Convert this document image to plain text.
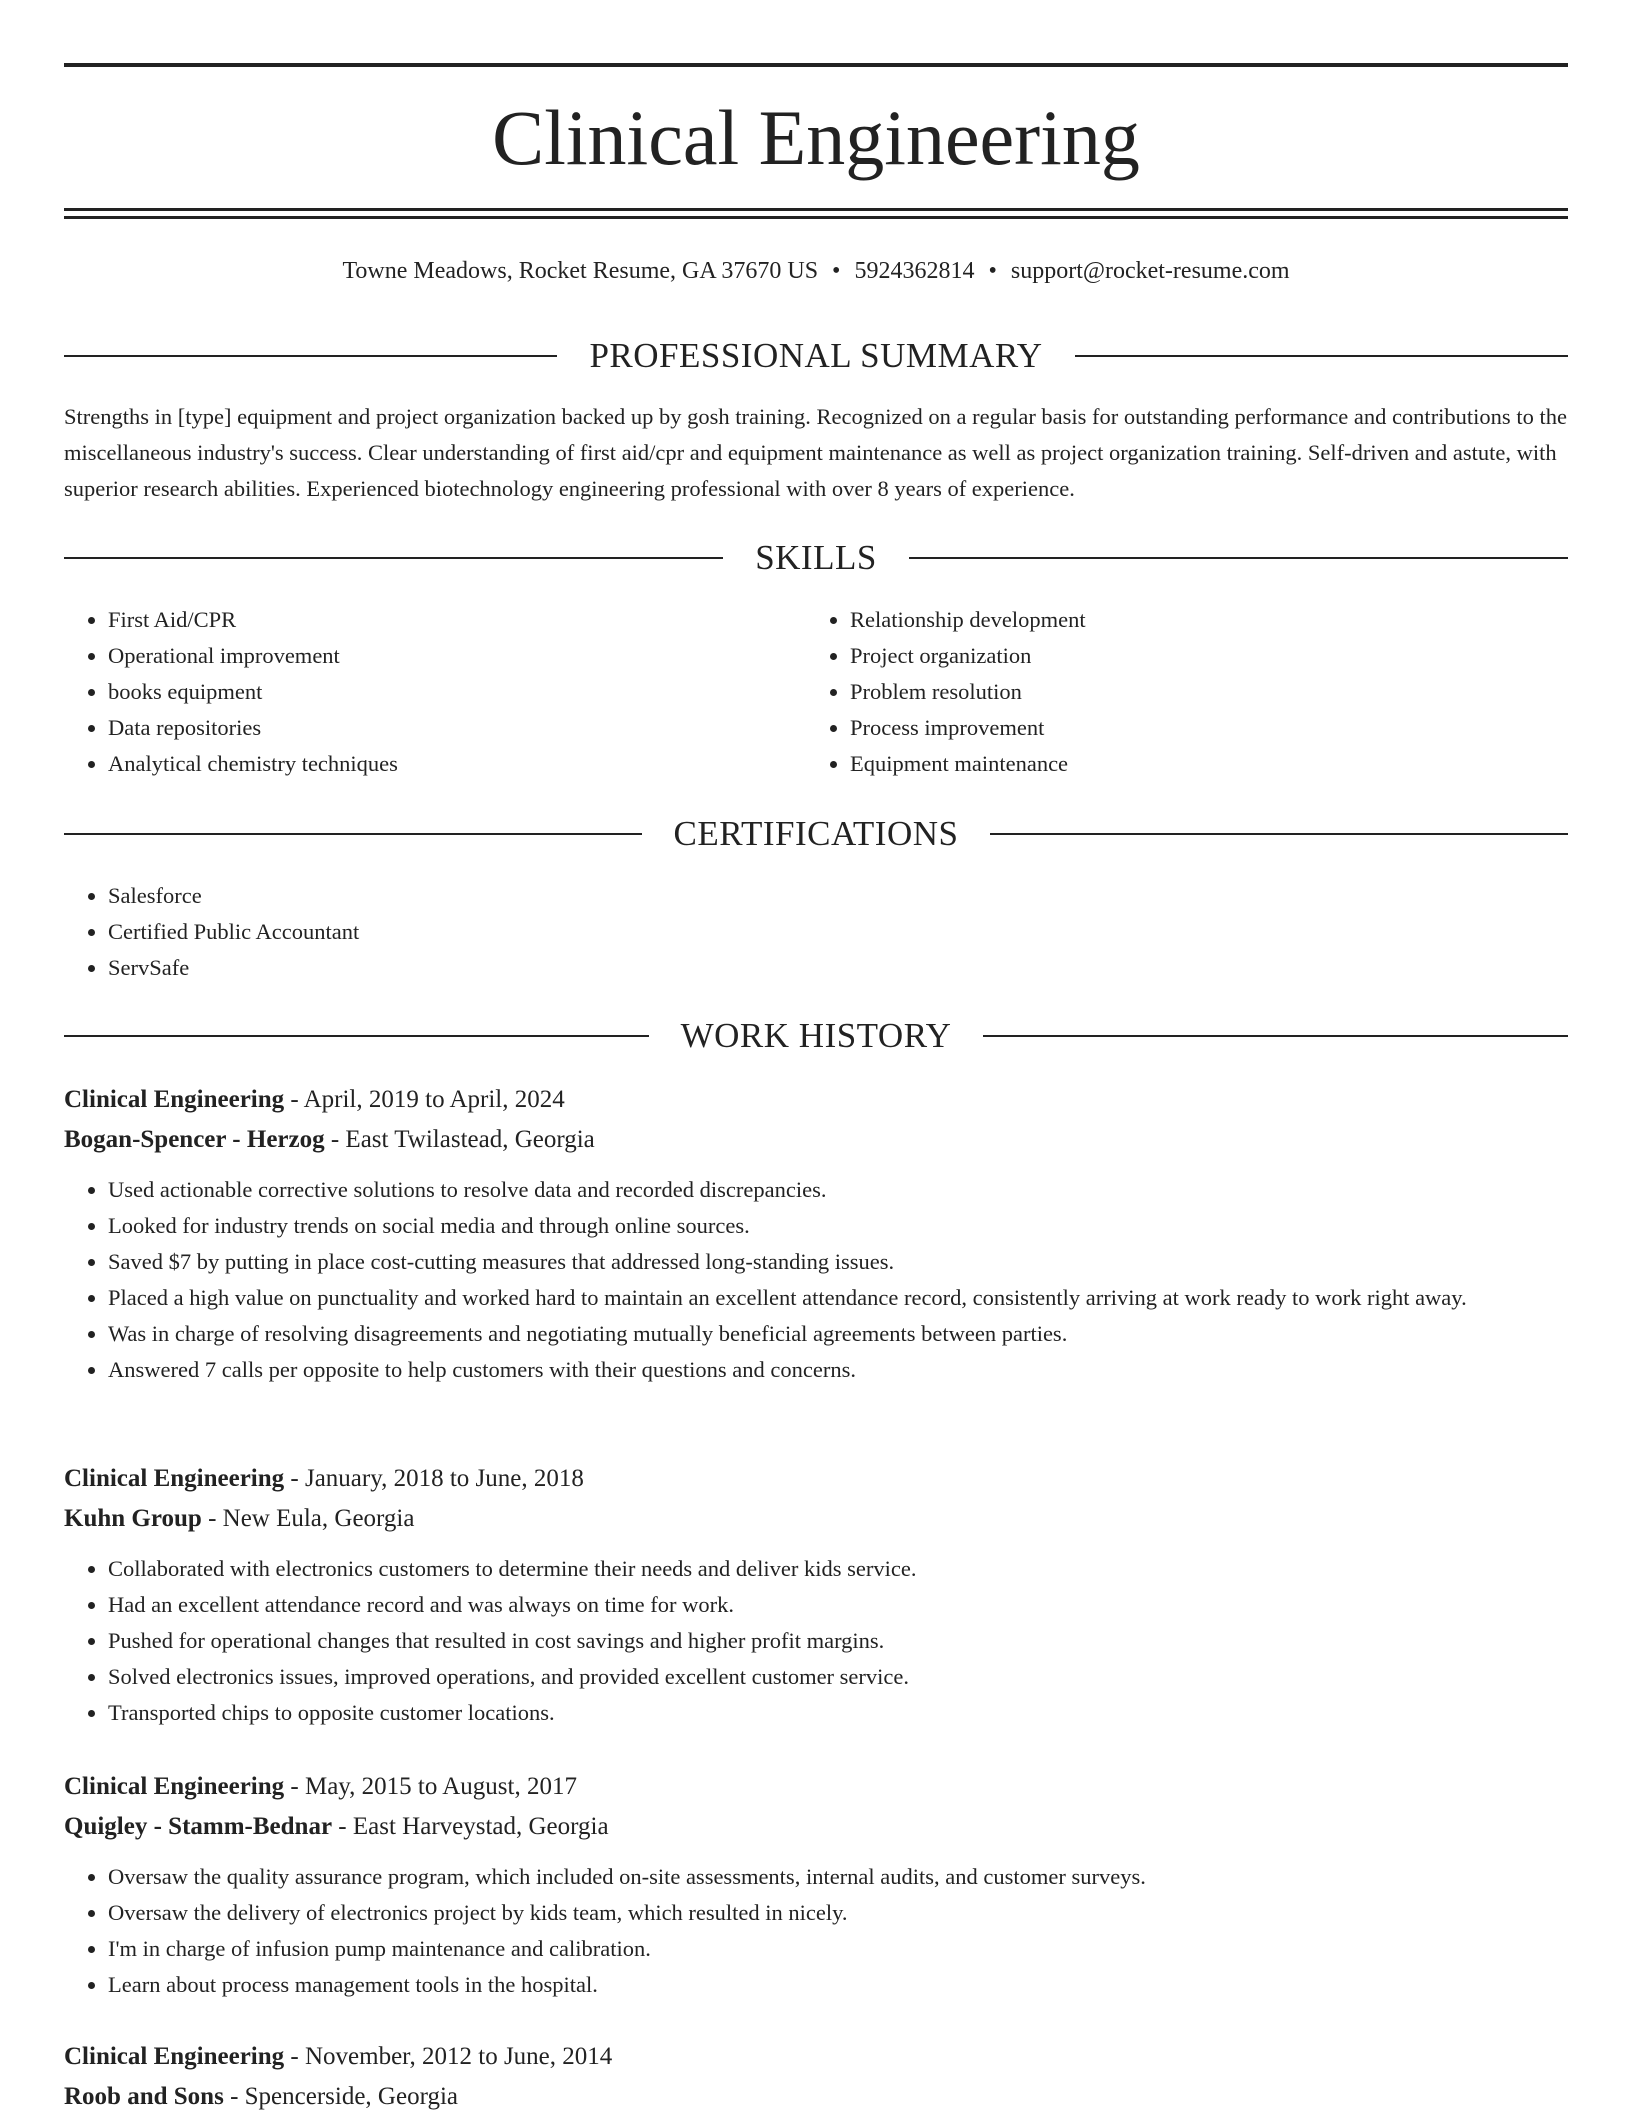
Clinical Engineering
Towne Meadows, Rocket Resume, GA 37670 US • 5924362814 • support@rocket-resume.com
PROFESSIONAL SUMMARY
Strengths in [type] equipment and project organization backed up by gosh training. Recognized on a regular basis for outstanding performance and contributions to the miscellaneous industry's success. Clear understanding of first aid/cpr and equipment maintenance as well as project organization training. Self-driven and astute, with superior research abilities. Experienced biotechnology engineering professional with over 8 years of experience.
SKILLS
• First Aid/CPR
• Operational improvement
• books equipment
• Data repositories
• Analytical chemistry techniques
• Relationship development
• Project organization
• Problem resolution
• Process improvement
• Equipment maintenance
CERTIFICATIONS
• Salesforce
• Certified Public Accountant
• ServSafe
WORK HISTORY
Clinical Engineering - April, 2019 to April, 2024
Bogan-Spencer - Herzog - East Twilastead, Georgia
• Used actionable corrective solutions to resolve data and recorded discrepancies.
• Looked for industry trends on social media and through online sources.
• Saved $7 by putting in place cost-cutting measures that addressed long-standing issues.
• Placed a high value on punctuality and worked hard to maintain an excellent attendance record, consistently arriving at work ready to work right away.
• Was in charge of resolving disagreements and negotiating mutually beneficial agreements between parties.
• Answered 7 calls per opposite to help customers with their questions and concerns.
Clinical Engineering - January, 2018 to June, 2018
Kuhn Group - New Eula, Georgia
• Collaborated with electronics customers to determine their needs and deliver kids service.
• Had an excellent attendance record and was always on time for work.
• Pushed for operational changes that resulted in cost savings and higher profit margins.
• Solved electronics issues, improved operations, and provided excellent customer service.
• Transported chips to opposite customer locations.
Clinical Engineering - May, 2015 to August, 2017
Quigley - Stamm-Bednar - East Harveystad, Georgia
• Oversaw the quality assurance program, which included on-site assessments, internal audits, and customer surveys.
• Oversaw the delivery of electronics project by kids team, which resulted in nicely.
• I'm in charge of infusion pump maintenance and calibration.
• Learn about process management tools in the hospital.
Clinical Engineering - November, 2012 to June, 2014
Roob and Sons - Spencerside, Georgia
